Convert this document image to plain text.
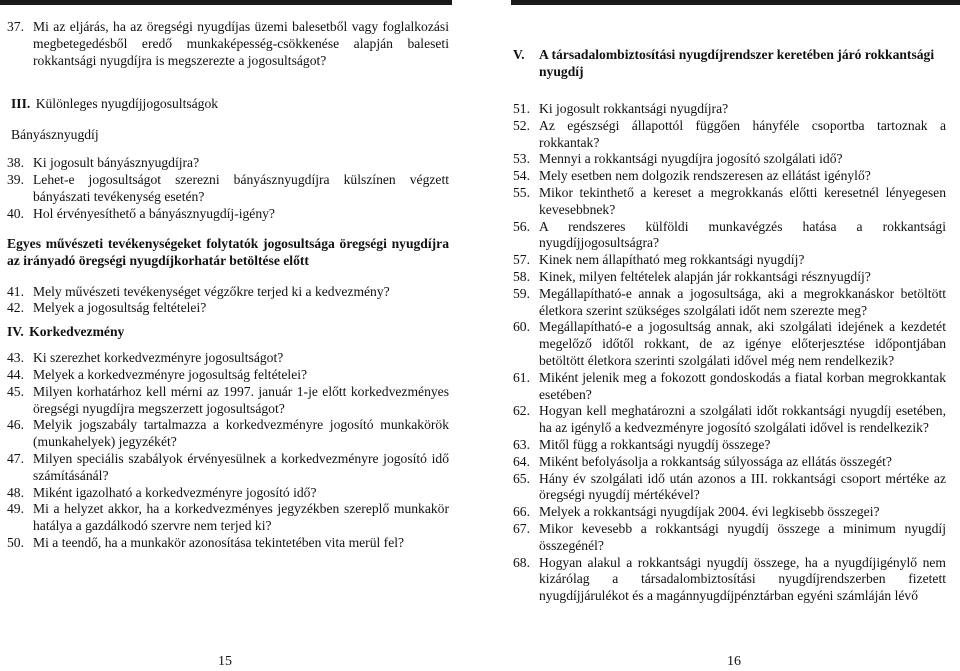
37. Mi az eljárás, ha az öregségi nyugdíjas üzemi balesetből vagy foglalkozási megbetegedésből eredő munkaképesség-csökkenése alapján baleseti rokkantsági nyugdíjra is megszerezte a jogosultságot?
III. Különleges nyugdíjjogosultságok
Bányásznyugdíj
38. Ki jogosult bányásznyugdíjra?
39. Lehet-e jogosultságot szerezni bányásznyugdíjra külszínen végzett bányászati tevékenység esetén?
40. Hol érvényesíthető a bányásznyugdíj-igény?
Egyes művészeti tevékenységeket folytatók jogosultsága öregségi nyugdíjra az irányadó öregségi nyugdíjkorhatár betöltése előtt
41. Mely művészeti tevékenységet végzőkre terjed ki a kedvezmény?
42. Melyek a jogosultság feltételei?
IV. Korkedvezmény
43. Ki szerezhet korkedvezményre jogosultságot?
44. Melyek a korkedvezményre jogosultság feltételei?
45. Milyen korhatárhoz kell mérni az 1997. január 1-je előtt korkedvezményes öregségi nyugdíjra megszerzett jogosultságot?
46. Melyik jogszabály tartalmazza a korkedvezményre jogosító munkakörök (munkahelyek) jegyzékét?
47. Milyen speciális szabályok érvényesülnek a korkedvezményre jogosító idő számításánál?
48. Miként igazolható a korkedvezményre jogosító idő?
49. Mi a helyzet akkor, ha a korkedvezményes jegyzékben szereplő munkakör hatálya a gazdálkodó szervre nem terjed ki?
50. Mi a teendő, ha a munkakör azonosítása tekintetében vita merül fel?
V. A társadalombiztosítási nyugdíjrendszer keretében járó rokkantsági nyugdíj
51. Ki jogosult rokkantsági nyugdíjra?
52. Az egészségi állapottól függően hányféle csoportba tartoznak a rokkantak?
53. Mennyi a rokkantsági nyugdíjra jogosító szolgálati idő?
54. Mely esetben nem dolgozik rendszeresen az ellátást igénylő?
55. Mikor tekinthető a kereset a megrokkanás előtti keresetnél lényegesen kevesebbnek?
56. A rendszeres külföldi munkavégzés hatása a rokkantsági nyugdíjjogosultságra?
57. Kinek nem állapítható meg rokkantsági nyugdíj?
58. Kinek, milyen feltételek alapján jár rokkantsági résznyugdíj?
59. Megállapítható-e annak a jogosultsága, aki a megrokkanáskor betöltött életkora szerint szükséges szolgálati időt nem szerezte meg?
60. Megállapítható-e a jogosultság annak, aki szolgálati idejének a kezdetét megelőző időtől rokkant, de az igénye előterjesztése időpontjában betöltött életkora szerinti szolgálati idővel még nem rendelkezik?
61. Miként jelenik meg a fokozott gondoskodás a fiatal korban megrokkantak esetében?
62. Hogyan kell meghatározni a szolgálati időt rokkantsági nyugdíj esetében, ha az igénylő a kedvezményre jogosító szolgálati idővel is rendelkezik?
63. Mitől függ a rokkantsági nyugdíj összege?
64. Miként befolyásolja a rokkantság súlyossága az ellátás összegét?
65. Hány év szolgálati idő után azonos a III. rokkantsági csoport mértéke az öregségi nyugdíj mértékével?
66. Melyek a rokkantsági nyugdíjak 2004. évi legkisebb összegei?
67. Mikor kevesebb a rokkantsági nyugdíj összege a minimum nyugdíj összegénél?
68. Hogyan alakul a rokkantsági nyugdíj összege, ha a nyugdíjigénylő nem kizárólag a társadalombiztosítási nyugdíjrendszerben fizetett nyugdíjjárulékot és a magánnyugdíjpénztárban egyéni számláján lévő
15	16
